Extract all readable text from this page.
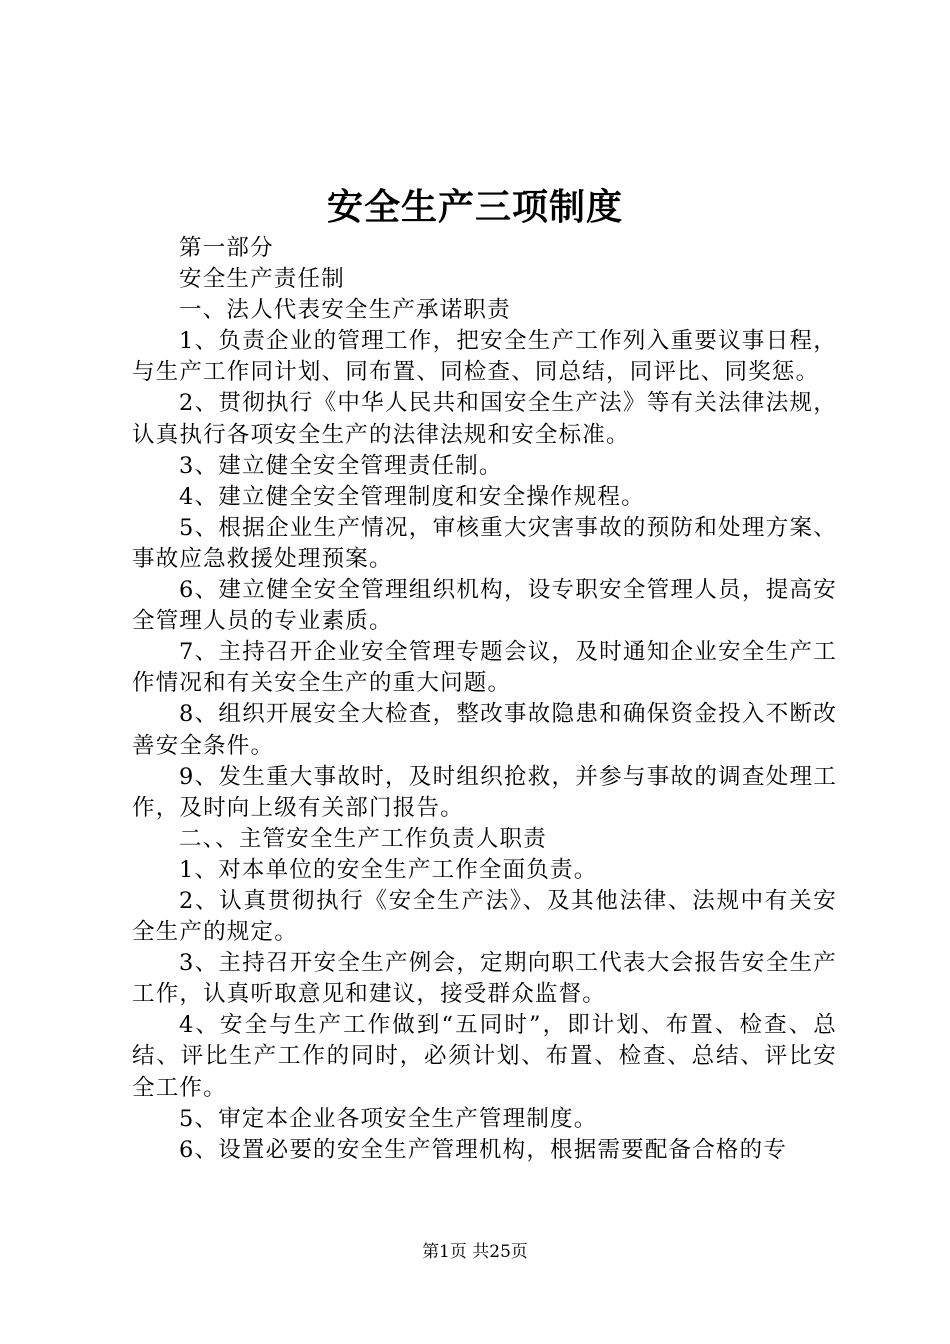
安全生产三项制度

第一部分

安全生产责任制

一、法人代表安全生产承诺职责

1、负责企业的管理工作，把安全生产工作列入重要议事日程，与生产工作同计划、同布置、同检查、同总结，同评比、同奖惩。

2、贯彻执行《中华人民共和国安全生产法》等有关法律法规，认真执行各项安全生产的法律法规和安全标准。

3、建立健全安全管理责任制。

4、建立健全安全管理制度和安全操作规程。

5、根据企业生产情况，审核重大灾害事故的预防和处理方案、事故应急救援处理预案。

6、建立健全安全管理组织机构，设专职安全管理人员，提高安全管理人员的专业素质。

7、主持召开企业安全管理专题会议，及时通知企业安全生产工作情况和有关安全生产的重大问题。

8、组织开展安全大检查，整改事故隐患和确保资金投入不断改善安全条件。

9、发生重大事故时，及时组织抢救，并参与事故的调查处理工作，及时向上级有关部门报告。

二、、主管安全生产工作负责人职责

1、对本单位的安全生产工作全面负责。

2、认真贯彻执行《安全生产法》、及其他法律、法规中有关安全生产的规定。

3、主持召开安全生产例会，定期向职工代表大会报告安全生产工作，认真听取意见和建议，接受群众监督。

4、安全与生产工作做到“五同时”，即计划、布置、检查、总结、评比生产工作的同时，必须计划、布置、检查、总结、评比安全工作。

5、审定本企业各项安全生产管理制度。

6、设置必要的安全生产管理机构，根据需要配备合格的专

第1页 共25页
